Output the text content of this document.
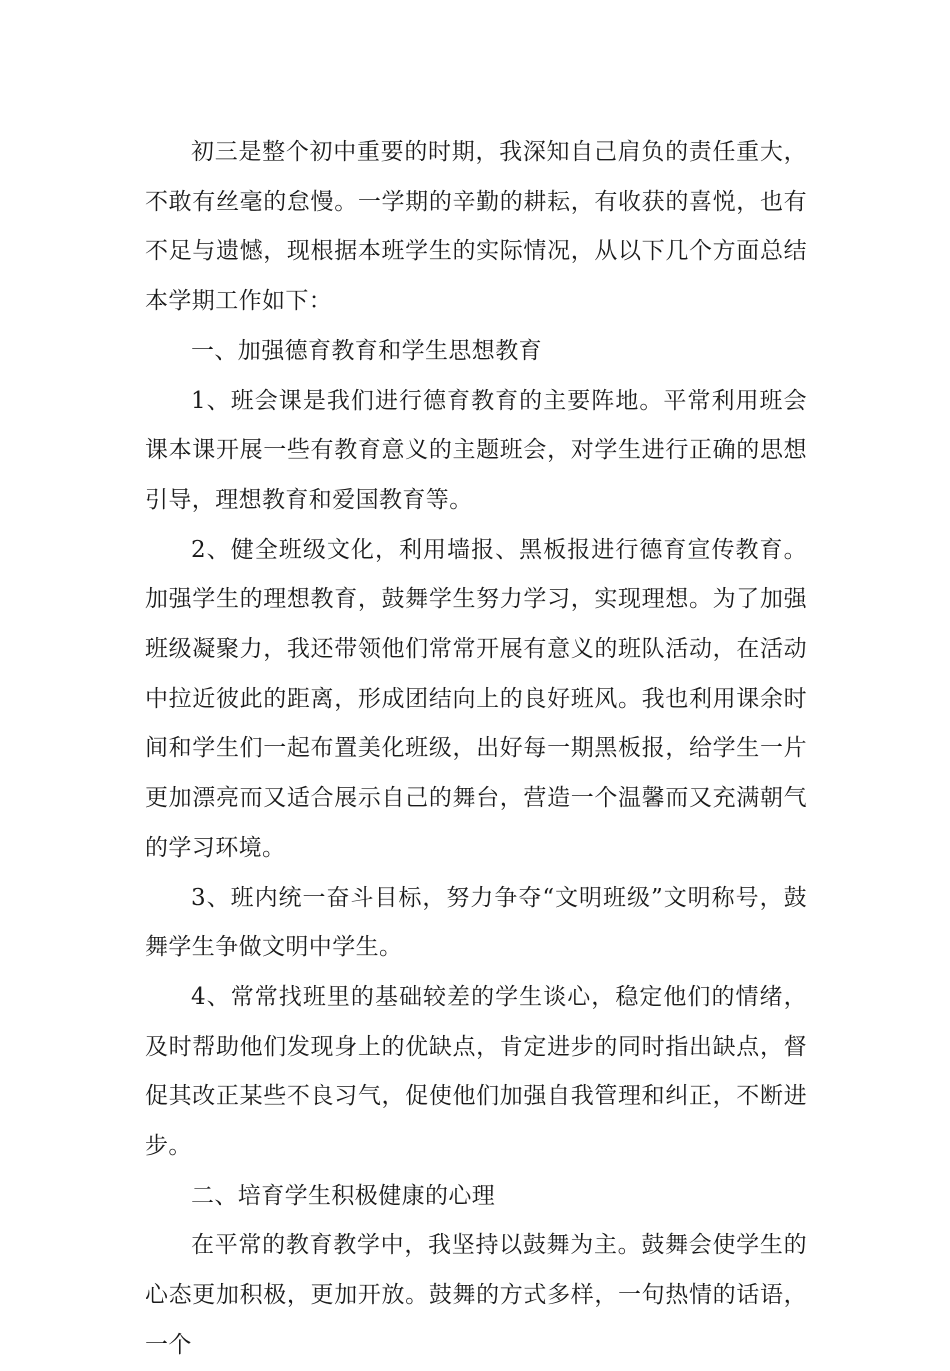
初三是整个初中重要的时期，我深知自己肩负的责任重大，不敢有丝毫的怠慢。一学期的辛勤的耕耘，有收获的喜悦，也有不足与遗憾，现根据本班学生的实际情况，从以下几个方面总结本学期工作如下：

一、加强德育教育和学生思想教育

1、班会课是我们进行德育教育的主要阵地。平常利用班会课本课开展一些有教育意义的主题班会，对学生进行正确的思想引导，理想教育和爱国教育等。

2、健全班级文化，利用墙报、黑板报进行德育宣传教育。加强学生的理想教育，鼓舞学生努力学习，实现理想。为了加强班级凝聚力，我还带领他们常常开展有意义的班队活动，在活动中拉近彼此的距离，形成团结向上的良好班风。我也利用课余时间和学生们一起布置美化班级，出好每一期黑板报，给学生一片更加漂亮而又适合展示自己的舞台，营造一个温馨而又充满朝气的学习环境。

3、班内统一奋斗目标，努力争夺“文明班级”文明称号，鼓舞学生争做文明中学生。

4、常常找班里的基础较差的学生谈心，稳定他们的情绪，及时帮助他们发现身上的优缺点，肯定进步的同时指出缺点，督促其改正某些不良习气，促使他们加强自我管理和纠正，不断进步。

二、培育学生积极健康的心理

在平常的教育教学中，我坚持以鼓舞为主。鼓舞会使学生的心态更加积极，更加开放。鼓舞的方式多样，一句热情的话语，一个
